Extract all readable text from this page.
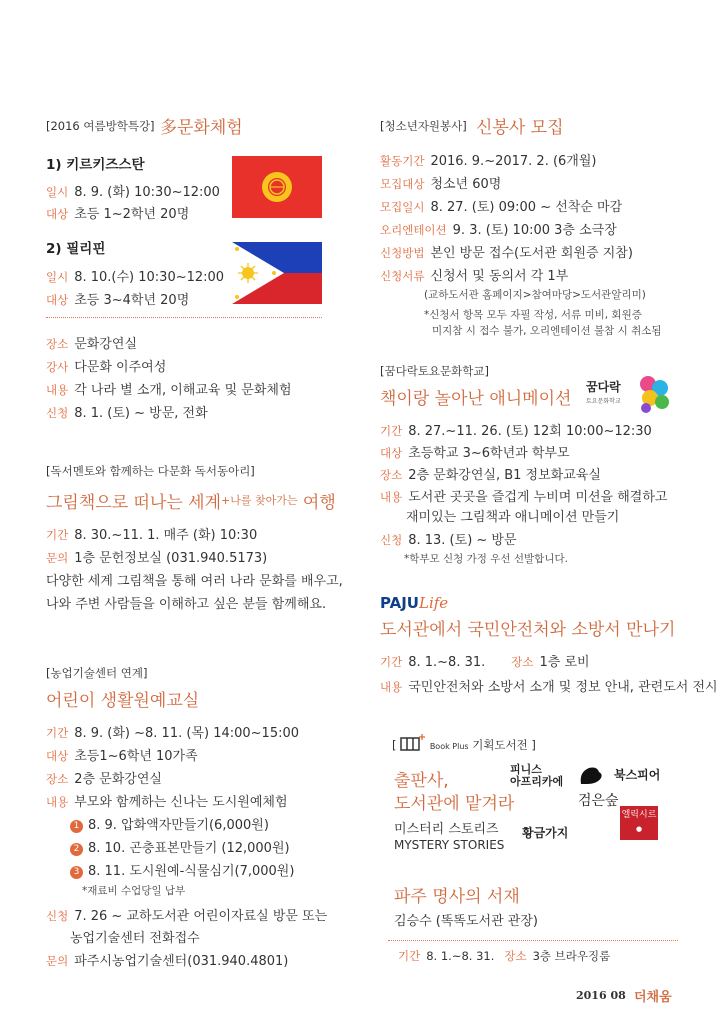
[2016 여름방학특강] 多문화체험
1) 키르키즈스탄
일시 8. 9. (화) 10:30~12:00
대상 초등 1~2학년 20명
2) 필리핀
일시 8. 10.(수) 10:30~12:00
대상 초등 3~4학년 20명
장소 문화강연실
강사 다문화 이주여성
내용 각 나라 별 소개, 이해교육 및 문화체험
신청 8. 1. (토) ~ 방문, 전화
[독서멘토와 함께하는 다문화 독서동아리]
그림책으로 떠나는 세계$^{+나를 찾아가는}$ 여행
기간 8. 30.~11. 1. 매주 (화) 10:30
문의 1층 문헌정보실 (031.940.5173)
다양한 세계 그림책을 통해 여러 나라 문화를 배우고,
나와 주변 사람들을 이해하고 싶은 분들 함께해요.
[농업기술센터 연계]
어린이 생활원예교실
기간 8. 9. (화) ~8. 11. (목) 14:00~15:00
대상 초등1~6학년 10가족
장소 2층 문화강연실
내용 부모와 함께하는 신나는 도시원예체험
1 8. 9. 압화액자만들기(6,000원)
2 8. 10. 곤충표본만들기 (12,000원)
3 8. 11. 도시원예-식물심기(7,000원)
*재료비 수업당일 납부
신청 7. 26 ~ 교하도서관 어린이자료실 방문 또는
농업기술센터 전화접수
문의 파주시농업기술센터(031.940.4801)
[청소년자원봉사] 신봉사 모집
활동기간 2016. 9.~2017. 2. (6개월)
모집대상 청소년 60명
모집일시 8. 27. (토) 09:00 ~ 선착순 마감
오리엔테이션 9. 3. (토) 10:00 3층 소극장
신청방법 본인 방문 접수(도서관 회원증 지참)
신청서류 신청서 및 동의서 각 1부
(교하도서관 홈페이지>참여마당>도서관알리미)
*신청서 항목 모두 자필 작성, 서류 미비, 회원증
미지참 시 접수 불가, 오리엔테이션 불참 시 취소됨
[꿈다락토요문화학교]
책이랑 놀아난 애니메이션
꿈다락
토요문화학교
기간 8. 27.~11. 26. (토) 12회 10:00~12:30
대상 초등학교 3~6학년과 학부모
장소 2층 문화강연실, B1 정보화교육실
내용 도서관 곳곳을 즐겁게 누비며 미션을 해결하고
재미있는 그림책과 애니메이션 만들기
신청 8. 13. (토) ~ 방문
*학부모 신청 가정 우선 선발합니다.
PAJULife
도서관에서 국민안전처와 소방서 만나기
기간 8. 1.~8. 31. 장소 1층 로비
내용 국민안전처와 소방서 소개 및 정보 안내, 관련도서 전시
[	Book Plus 기획도서전 ]
출판사,
도서관에 맡겨라
미스터리 스토리즈
MYSTERY STORIES
피니스
아프리카에
검은숲
북스피어
황금가지
엘릭시르
●
파주 명사의 서재
김승수 (똑똑도서관 관장)
기간 8. 1.~8. 31. 장소 3층 브라우징룸
2016 08 더채움
